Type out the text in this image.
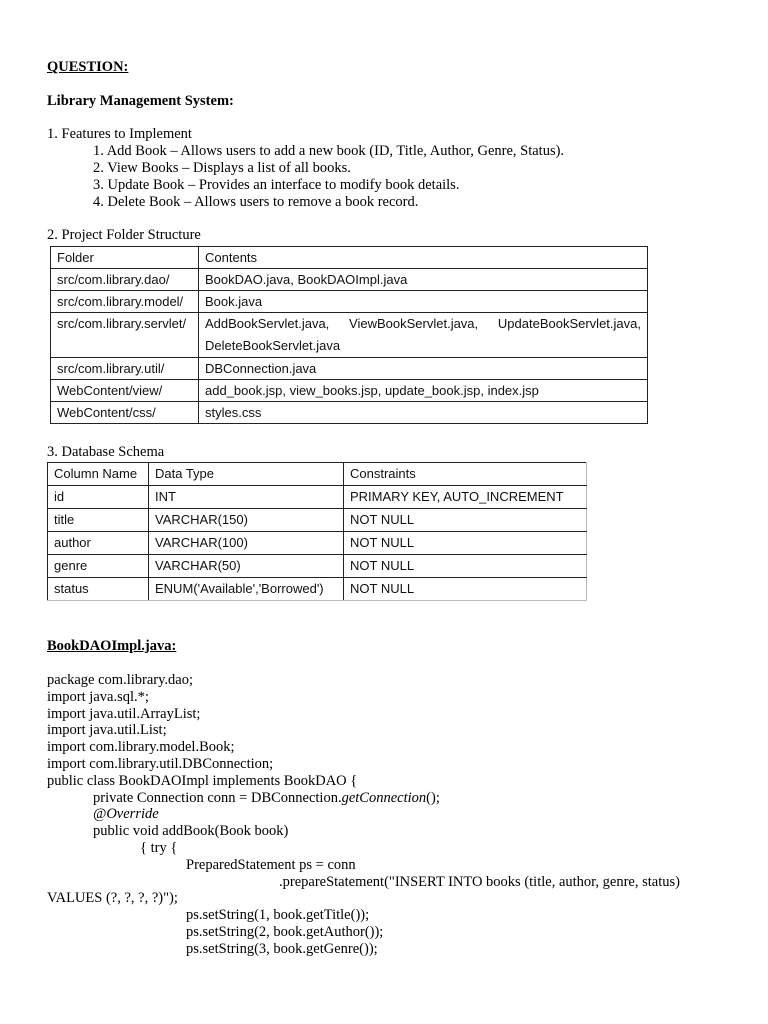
QUESTION:
Library Management System:
1. Features to Implement
1. Add Book – Allows users to add a new book (ID, Title, Author, Genre, Status).
2. View Books – Displays a list of all books.
3. Update Book – Provides an interface to modify book details.
4. Delete Book – Allows users to remove a book record.
2. Project Folder Structure
Folder	Contents
src/com.library.dao/	BookDAO.java, BookDAOImpl.java
src/com.library.model/	Book.java
src/com.library.servlet/	AddBookServlet.java, ViewBookServlet.java, UpdateBookServlet.java,
DeleteBookServlet.java

src/com.library.util/	DBConnection.java
WebContent/view/	add_book.jsp, view_books.jsp, update_book.jsp, index.jsp
WebContent/css/	styles.css
3. Database Schema
Column Name	Data Type	Constraints
id	INT	PRIMARY KEY, AUTO_INCREMENT
title	VARCHAR(150)	NOT NULL
author	VARCHAR(100)	NOT NULL
genre	VARCHAR(50)	NOT NULL
status	ENUM('Available','Borrowed')	NOT NULL
BookDAOImpl.java:
package com.library.dao;
import java.sql.*;
import java.util.ArrayList;
import java.util.List;
import com.library.model.Book;
import com.library.util.DBConnection;
public class BookDAOImpl implements BookDAO {
private Connection conn = DBConnection.getConnection();
@Override
public void addBook(Book book)
{ try {
PreparedStatement ps = conn
.prepareStatement("INSERT INTO books (title, author, genre, status)
VALUES (?, ?, ?, ?)");
ps.setString(1, book.getTitle());
ps.setString(2, book.getAuthor());
ps.setString(3, book.getGenre());
